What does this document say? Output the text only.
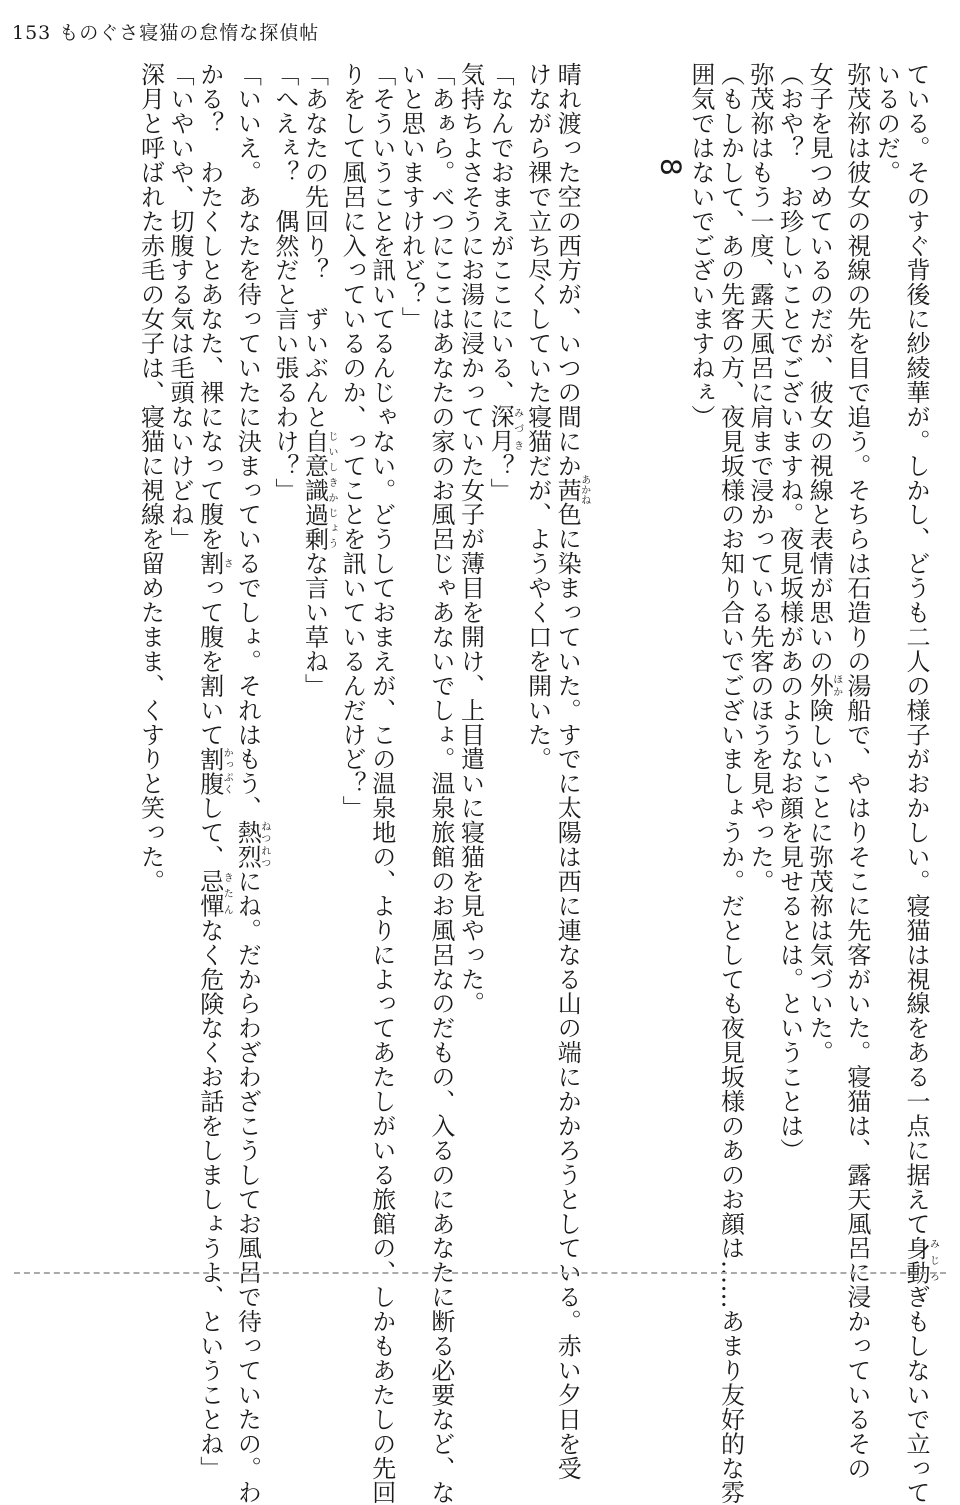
153 ものぐさ寝猫の怠惰な探偵帖

ている。そのすぐ背後に紗綾華が。しかし、どうも二人の様子がおかしい。寝猫は視線をある一点に据えて身動みじろぎもしないで立って

いるのだ。

弥茂祢は彼女の視線の先を目で追う。そちらは石造りの湯船で、やはりそこに先客がいた。寝猫は、露天風呂に浸かっているその

女子を見つめているのだが、彼女の視線と表情が思いの外ほか険しいことに弥茂祢は気づいた。

（おや？　お珍しいことでございますね。夜見坂様があのようなお顔を見せるとは。ということは）

弥茂祢はもう一度、露天風呂に肩まで浸かっている先客のほうを見やった。

（もしかして、あの先客の方、夜見坂様のお知り合いでございましょうか。だとしても夜見坂様のあのお顔は……あまり友好的な雰

囲気ではないでございますねぇ）

8

晴れ渡った空の西方が、いつの間にか茜あかね色に染まっていた。すでに太陽は西に連なる山の端にかかろうとしている。赤い夕日を受

けながら裸で立ち尽くしていた寝猫だが、ようやく口を開いた。

「なんでおまえがここにいる、深月みづき？」

気持ちよさそうにお湯に浸かっていた女子が薄目を開け、上目遣いに寝猫を見やった。

「あぁら。べつにここはあなたの家のお風呂じゃあないでしょ。温泉旅館のお風呂なのだもの、入るのにあなたに断る必要など、な

いと思いますけれど？」

「そういうことを訊いてるんじゃない。どうしておまえが、この温泉地の、よりによってあたしがいる旅館の、しかもあたしの先回

りをして風呂に入っているのか、ってことを訊いているんだけど？」

「あなたの先回り？　ずいぶんと自意識過剰じいしきかじょうな言い草ね」

「へえぇ？　偶然だと言い張るわけ？」

「いいえ。あなたを待っていたに決まっているでしょ。それはもう、熱烈ねつれつにね。だからわざわざこうしてお風呂で待っていたの。わ

かる？　わたくしとあなた、裸になって腹を割さって腹を割いて割腹かっぷくして、忌憚きたんなく危険なくお話をしましょうよ、ということね」

「いやいや、切腹する気は毛頭ないけどね」

深月と呼ばれた赤毛の女子は、寝猫に視線を留めたまま、くすりと笑った。
